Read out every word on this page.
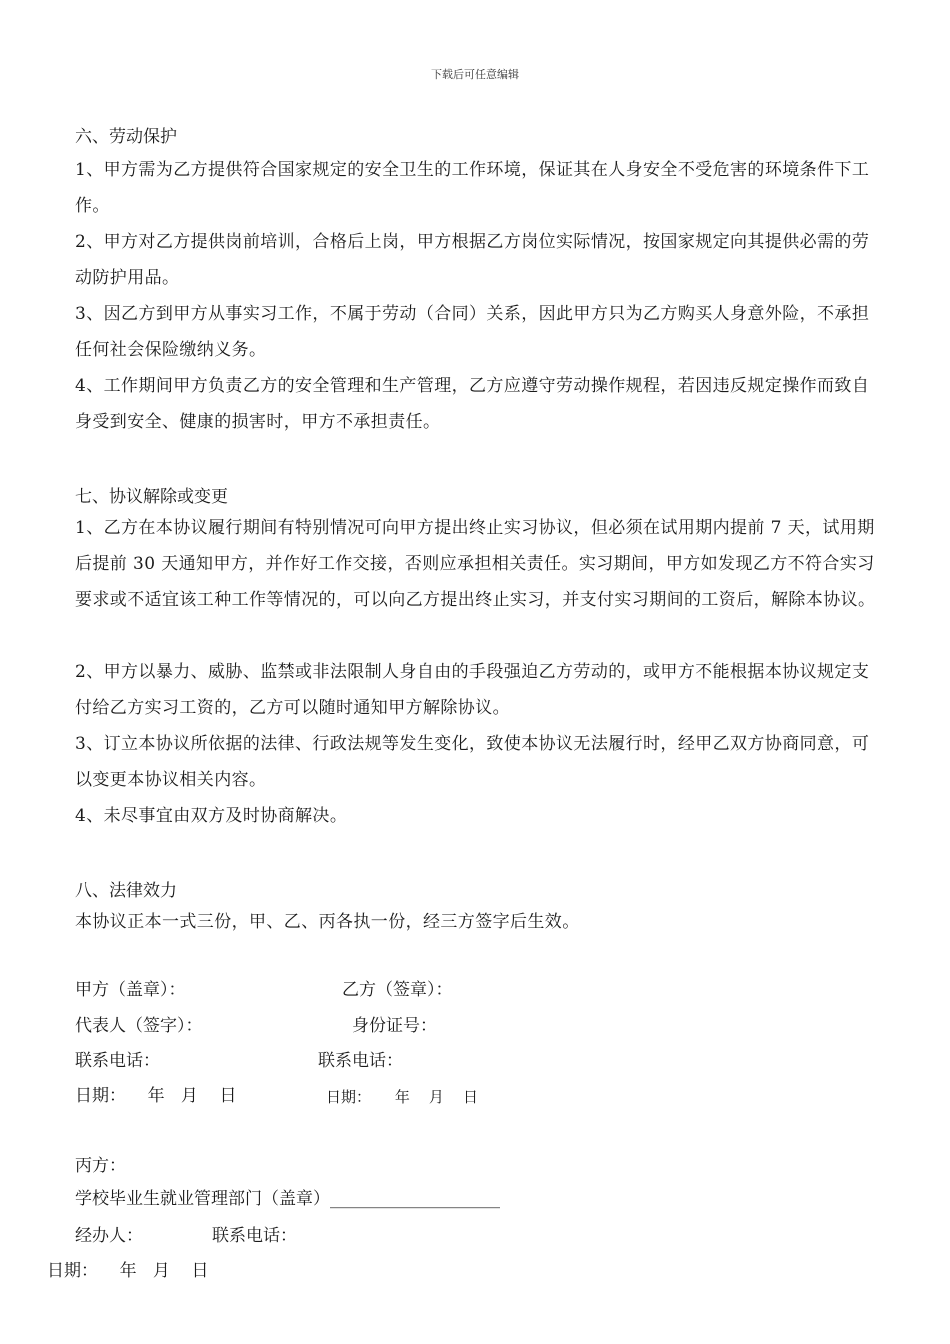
下载后可任意编辑
六、劳动保护
1、甲方需为乙方提供符合国家规定的安全卫生的工作环境，保证其在人身安全不受危害的环境条件下工作。
2、甲方对乙方提供岗前培训，合格后上岗，甲方根据乙方岗位实际情况，按国家规定向其提供必需的劳动防护用品。
3、因乙方到甲方从事实习工作，不属于劳动（合同）关系，因此甲方只为乙方购买人身意外险，不承担任何社会保险缴纳义务。
4、工作期间甲方负责乙方的安全管理和生产管理，乙方应遵守劳动操作规程，若因违反规定操作而致自身受到安全、健康的损害时，甲方不承担责任。
七、协议解除或变更
1、乙方在本协议履行期间有特别情况可向甲方提出终止实习协议，但必须在试用期内提前 7 天，试用期后提前 30 天通知甲方，并作好工作交接，否则应承担相关责任。实习期间，甲方如发现乙方不符合实习要求或不适宜该工种工作等情况的，可以向乙方提出终止实习，并支付实习期间的工资后，解除本协议。
2、甲方以暴力、威胁、监禁或非法限制人身自由的手段强迫乙方劳动的，或甲方不能根据本协议规定支付给乙方实习工资的，乙方可以随时通知甲方解除协议。
3、订立本协议所依据的法律、行政法规等发生变化，致使本协议无法履行时，经甲乙双方协商同意，可以变更本协议相关内容。
4、未尽事宜由双方及时协商解决。
八、法律效力
本协议正本一式三份，甲、乙、丙各执一份，经三方签字后生效。
甲方（盖章）：	乙方（签章）：
代表人（签字）：	身份证号：
联系电话：	联系电话：
日期：    年   月    日	日期：     年    月    日
丙方：
学校毕业生就业管理部门（盖章）____________________
经办人：	联系电话：
日期：    年   月    日
